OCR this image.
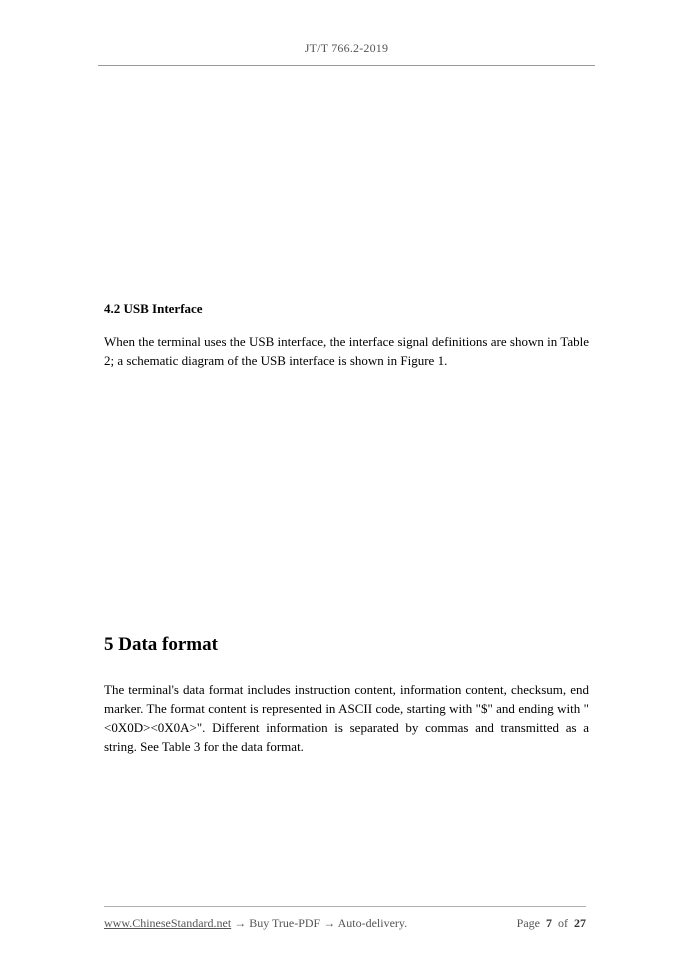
JT/T 766.2-2019
4.2 USB Interface

When the terminal uses the USB interface, the interface signal definitions are shown in Table 2; a schematic diagram of the USB interface is shown in Figure 1.

5 Data format

The terminal's data format includes instruction content, information content, checksum, end marker. The format content is represented in ASCII code, starting with "$" and ending with "<0X0D><0X0A>". Different information is separated by commas and transmitted as a string. See Table 3 for the data format.

www.ChineseStandard.net → Buy True-PDF → Auto-delivery.	Page 7 of 27
